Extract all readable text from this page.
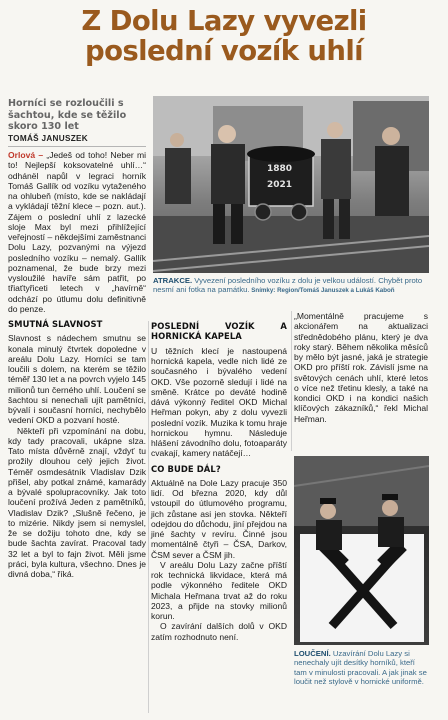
Z Dolu Lazy vyvezli
poslední vozík uhlí
Horníci se rozloučili s šachtou, kde se těžilo skoro 130 let
TOMÁŠ JANUSZEK
1880
2021
ATRAKCE. Vyvezení posledního vozíku z dolu je velkou událostí. Chybět proto nesmí ani fotka na památku. Snímky: Region/Tomáš Januszek a Lukáš Kaboň

Orlová – „Jedeš od toho! Neber mi to! Nejlepší koksovatelné uhlí…“ odhánël napůl v legraci horník Tomáš Gallík od vozíku vytaženého na ohlubeň (místo, kde se nakládají a vykládají těžní klece – pozn. aut.). Zájem o poslední uhlí z lazecké sloje Max byl mezi přihlížející veřejností – někdejšími zaměstnanci Dolu Lazy, pozvanými na výjezd posledního vozíku – nemalý. Gallík poznamenal, že bude brzy mezi vysloužilé havíře sám patřit, po třiaťtyřiceti letech v „havírně“ odchází po útlumu dolu definitivně do penze.

SMUTNÁ SLAVNOST

Slavnost s nádechem smutnu se konala minulý čtvrtek dopoledne v areálu Dolu Lazy. Horníci se tam loučili s dolem, na kterém se těžilo téměř 130 let a na povrch vyjelo 145 milionů tun černého uhlí. Loučení se šachtou si nenechali ujít pamětníci, bývalí i současní horníci, nechybělo vedení OKD a pozvaní hosté.

Někteří při vzpomínání na dobu, kdy tady pracovali, ukápne slza. Tato místa důvěrně znají, vždyť tu prožily dlouhou celý jejich život. Téměř osmdesátník Vladislav Dzik přišel, aby potkal známé, kamarády a bývalé spolupracovníky. Jak toto loučení prožívá Jeden z pamětníků, Vladislav Dzik? „Slušně řečeno, je to mizérie. Nikdy jsem si nemyslel, že se dožiju tohoto dne, kdy se bude šachta zavírat. Pracoval tady 32 let a byl to fajn život. Měli jsme práci, byla kultura, všechno. Dnes je divná doba,“ říká.

POSLEDNÍ VOZÍK A HORNICKÁ KAPELA

U těžních klecí je nastoupená hornická kapela, vedle nich lidé ze současného i bývalého vedení OKD. Vše pozorně sledují i lidé na směně. Krátce po deváté hodině dává výkonný ředitel OKD Michal Heřman pokyn, aby z dolu vyvezli poslední vozík. Muzika k tomu hraje hornickou hymnu. Následuje hlášení závodního dolu, fotoaparáty cvakají, kamery natáčejí…

CO BUDE DÁL?

Aktuálně na Dole Lazy pracuje 350 lidí. Od března 2020, kdy důl vstoupil do útlumového programu, jich zůstane asi jen stovka. Někteří odejdou do důchodu, jiní přejdou na jiné šachty v revíru. Činné jsou momentálně čtyři – ČSA, Darkov, ČSM sever a ČSM jih.

V areálu Dolu Lazy začne příští rok technická likvidace, která má podle výkonného ředitele OKD Michala Heřmana trvat až do roku 2023, a přijde na stovky milionů korun.

O zavírání dalších dolů v OKD zatím rozhodnuto není.

„Momentálně pracujeme s akcionářem na aktualizaci střednědobého plánu, který je dva roky starý. Během několika měsíců by mělo být jasné, jaká je strategie OKD pro příští rok. Závislí jsme na světových cenách uhlí, které letos o více než třetinu klesly, a také na kondici OKD i na kondici našich klíčových zákazníků,“ řekl Michal Heřman.

LOUČENÍ. Uzavírání Dolu Lazy si nenechaly ujít desítky horníků, kteří tam v minulosti pracovali. A jak jinak se loučit než stylově v hornické uniformě.
